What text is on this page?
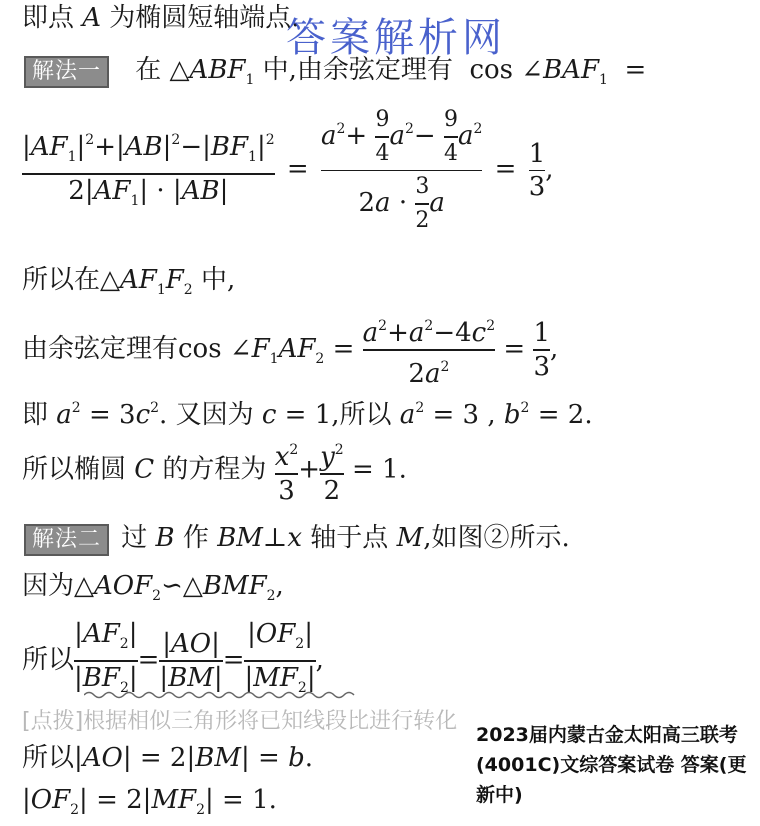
即点 A 为椭圆短轴端点.
答案解析网
解法一 在 $\triangle ABF_1$ 中,由余弦定理有  $\cos \angle BAF_1$  =
$\frac{|AF_1|^2+|AB|^2-|BF_1|^2}{2|AF_1| \cdot |AB|} = \frac{a^2+ \frac{9}{4} a^2- \frac{9}{4} a^2}{2a \cdot \frac{3}{2} a} = \frac{1}{3}$ ,
所以在$\triangle AF_1F_2$ 中,
由余弦定理有$\cos \angle F_1AF_2 = \frac{a^2+a^2-4c^2}{2a^2} = \frac{1}{3}$ ,
即 $a^2 = 3c^2$. 又因为 c = 1,所以 $a^2 = 3$ , $b^2 = 2$.
所以椭圆 C 的方程为 $\frac{x^2}{3} + \frac{y^2}{2} = 1$.
解法二 过 B 作 BM⊥x 轴于点 M,如图②所示.
因为$\triangle AOF_2∽\triangle BMF_2$,
所以 $\frac{|AF_2|}{|BF_2|} = \frac{|AO|}{|BM|} = \frac{|OF_2|}{|MF_2|}$ ,
[点拨]根据相似三角形将已知线段比进行转化
所以|AO| = 2|BM| = b.
$|OF_2| = 2|MF_2| = 1$.
2023届内蒙古金太阳高三联考(4001C)文综答案试卷 答案(更新中)
